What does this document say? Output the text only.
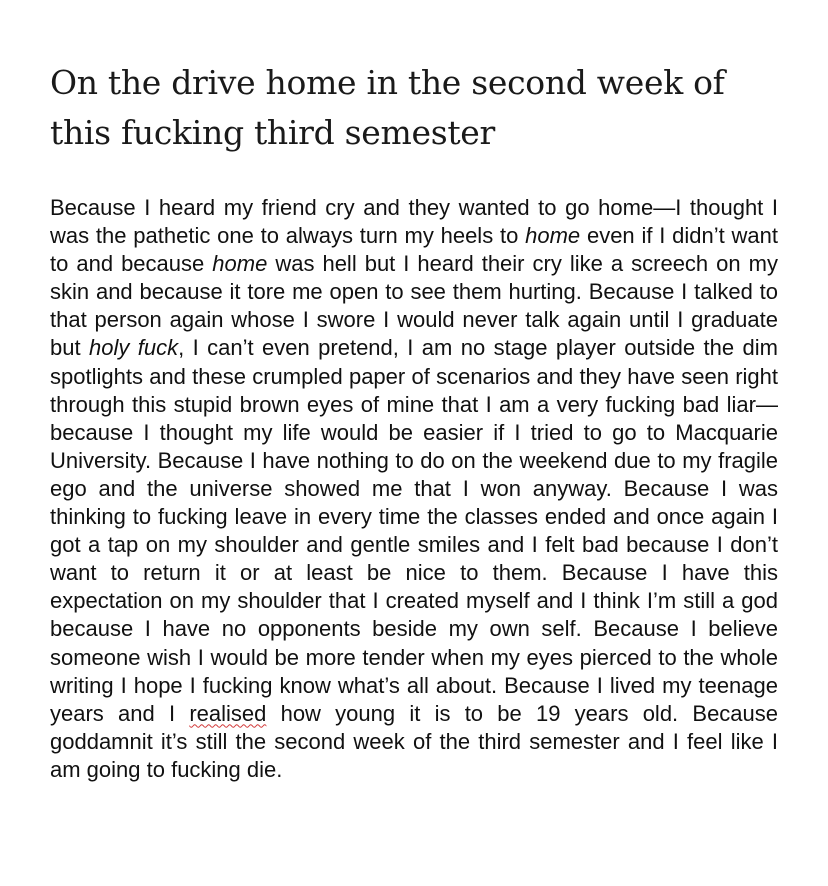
On the drive home in the second week of this fucking third semester
Because I heard my friend cry and they wanted to go home—I thought I was the pathetic one to always turn my heels to home even if I didn’t want to and because home was hell but I heard their cry like a screech on my skin and because it tore me open to see them hurting. Because I talked to that person again whose I swore I would never talk again until I graduate but holy fuck, I can’t even pretend, I am no stage player outside the dim spotlights and these crumpled paper of scenarios and they have seen right through this stupid brown eyes of mine that I am a very fucking bad liar—because I thought my life would be easier if I tried to go to Macquarie University. Because I have nothing to do on the weekend due to my fragile ego and the universe showed me that I won anyway. Because I was thinking to fucking leave in every time the classes ended and once again I got a tap on my shoulder and gentle smiles and I felt bad because I don’t want to return it or at least be nice to them. Because I have this expectation on my shoulder that I created myself and I think I’m still a god because I have no opponents beside my own self. Because I believe someone wish I would be more tender when my eyes pierced to the whole writing I hope I fucking know what’s all about. Because I lived my teenage years and I realised how young it is to be 19 years old. Because goddamnit it’s still the second week of the third semester and I feel like I am going to fucking die.
